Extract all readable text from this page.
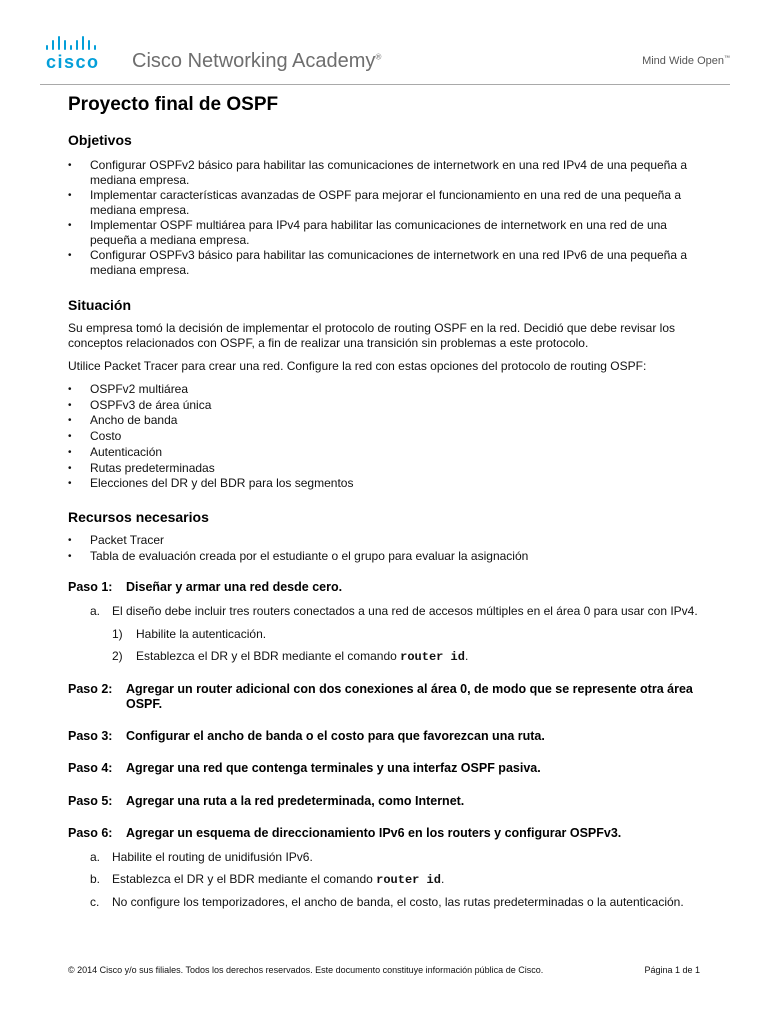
cisco Cisco Networking Academy®	Mind Wide Open™
Proyecto final de OSPF
Objetivos
• Configurar OSPFv2 básico para habilitar las comunicaciones de internetwork en una red IPv4 de una pequeña a mediana empresa.
• Implementar características avanzadas de OSPF para mejorar el funcionamiento en una red de una pequeña a mediana empresa.
• Implementar OSPF multiárea para IPv4 para habilitar las comunicaciones de internetwork en una red de una pequeña a mediana empresa.
• Configurar OSPFv3 básico para habilitar las comunicaciones de internetwork en una red IPv6 de una pequeña a mediana empresa.
Situación
Su empresa tomó la decisión de implementar el protocolo de routing OSPF en la red. Decidió que debe revisar los conceptos relacionados con OSPF, a fin de realizar una transición sin problemas a este protocolo.
Utilice Packet Tracer para crear una red. Configure la red con estas opciones del protocolo de routing OSPF:
• OSPFv2 multiárea
• OSPFv3 de área única
• Ancho de banda
• Costo
• Autenticación
• Rutas predeterminadas
• Elecciones del DR y del BDR para los segmentos
Recursos necesarios
• Packet Tracer
• Tabla de evaluación creada por el estudiante o el grupo para evaluar la asignación
Paso 1: Diseñar y armar una red desde cero.
a. El diseño debe incluir tres routers conectados a una red de accesos múltiples en el área 0 para usar con IPv4.
1) Habilite la autenticación.
2) Establezca el DR y el BDR mediante el comando router id.
Paso 2: Agregar un router adicional con dos conexiones al área 0, de modo que se represente otra área OSPF.
Paso 3: Configurar el ancho de banda o el costo para que favorezcan una ruta.
Paso 4: Agregar una red que contenga terminales y una interfaz OSPF pasiva.
Paso 5: Agregar una ruta a la red predeterminada, como Internet.
Paso 6: Agregar un esquema de direccionamiento IPv6 en los routers y configurar OSPFv3.
a. Habilite el routing de unidifusión IPv6.
b. Establezca el DR y el BDR mediante el comando router id.
c. No configure los temporizadores, el ancho de banda, el costo, las rutas predeterminadas o la autenticación.
© 2014 Cisco y/o sus filiales. Todos los derechos reservados. Este documento constituye información pública de Cisco.	Página 1 de 1
